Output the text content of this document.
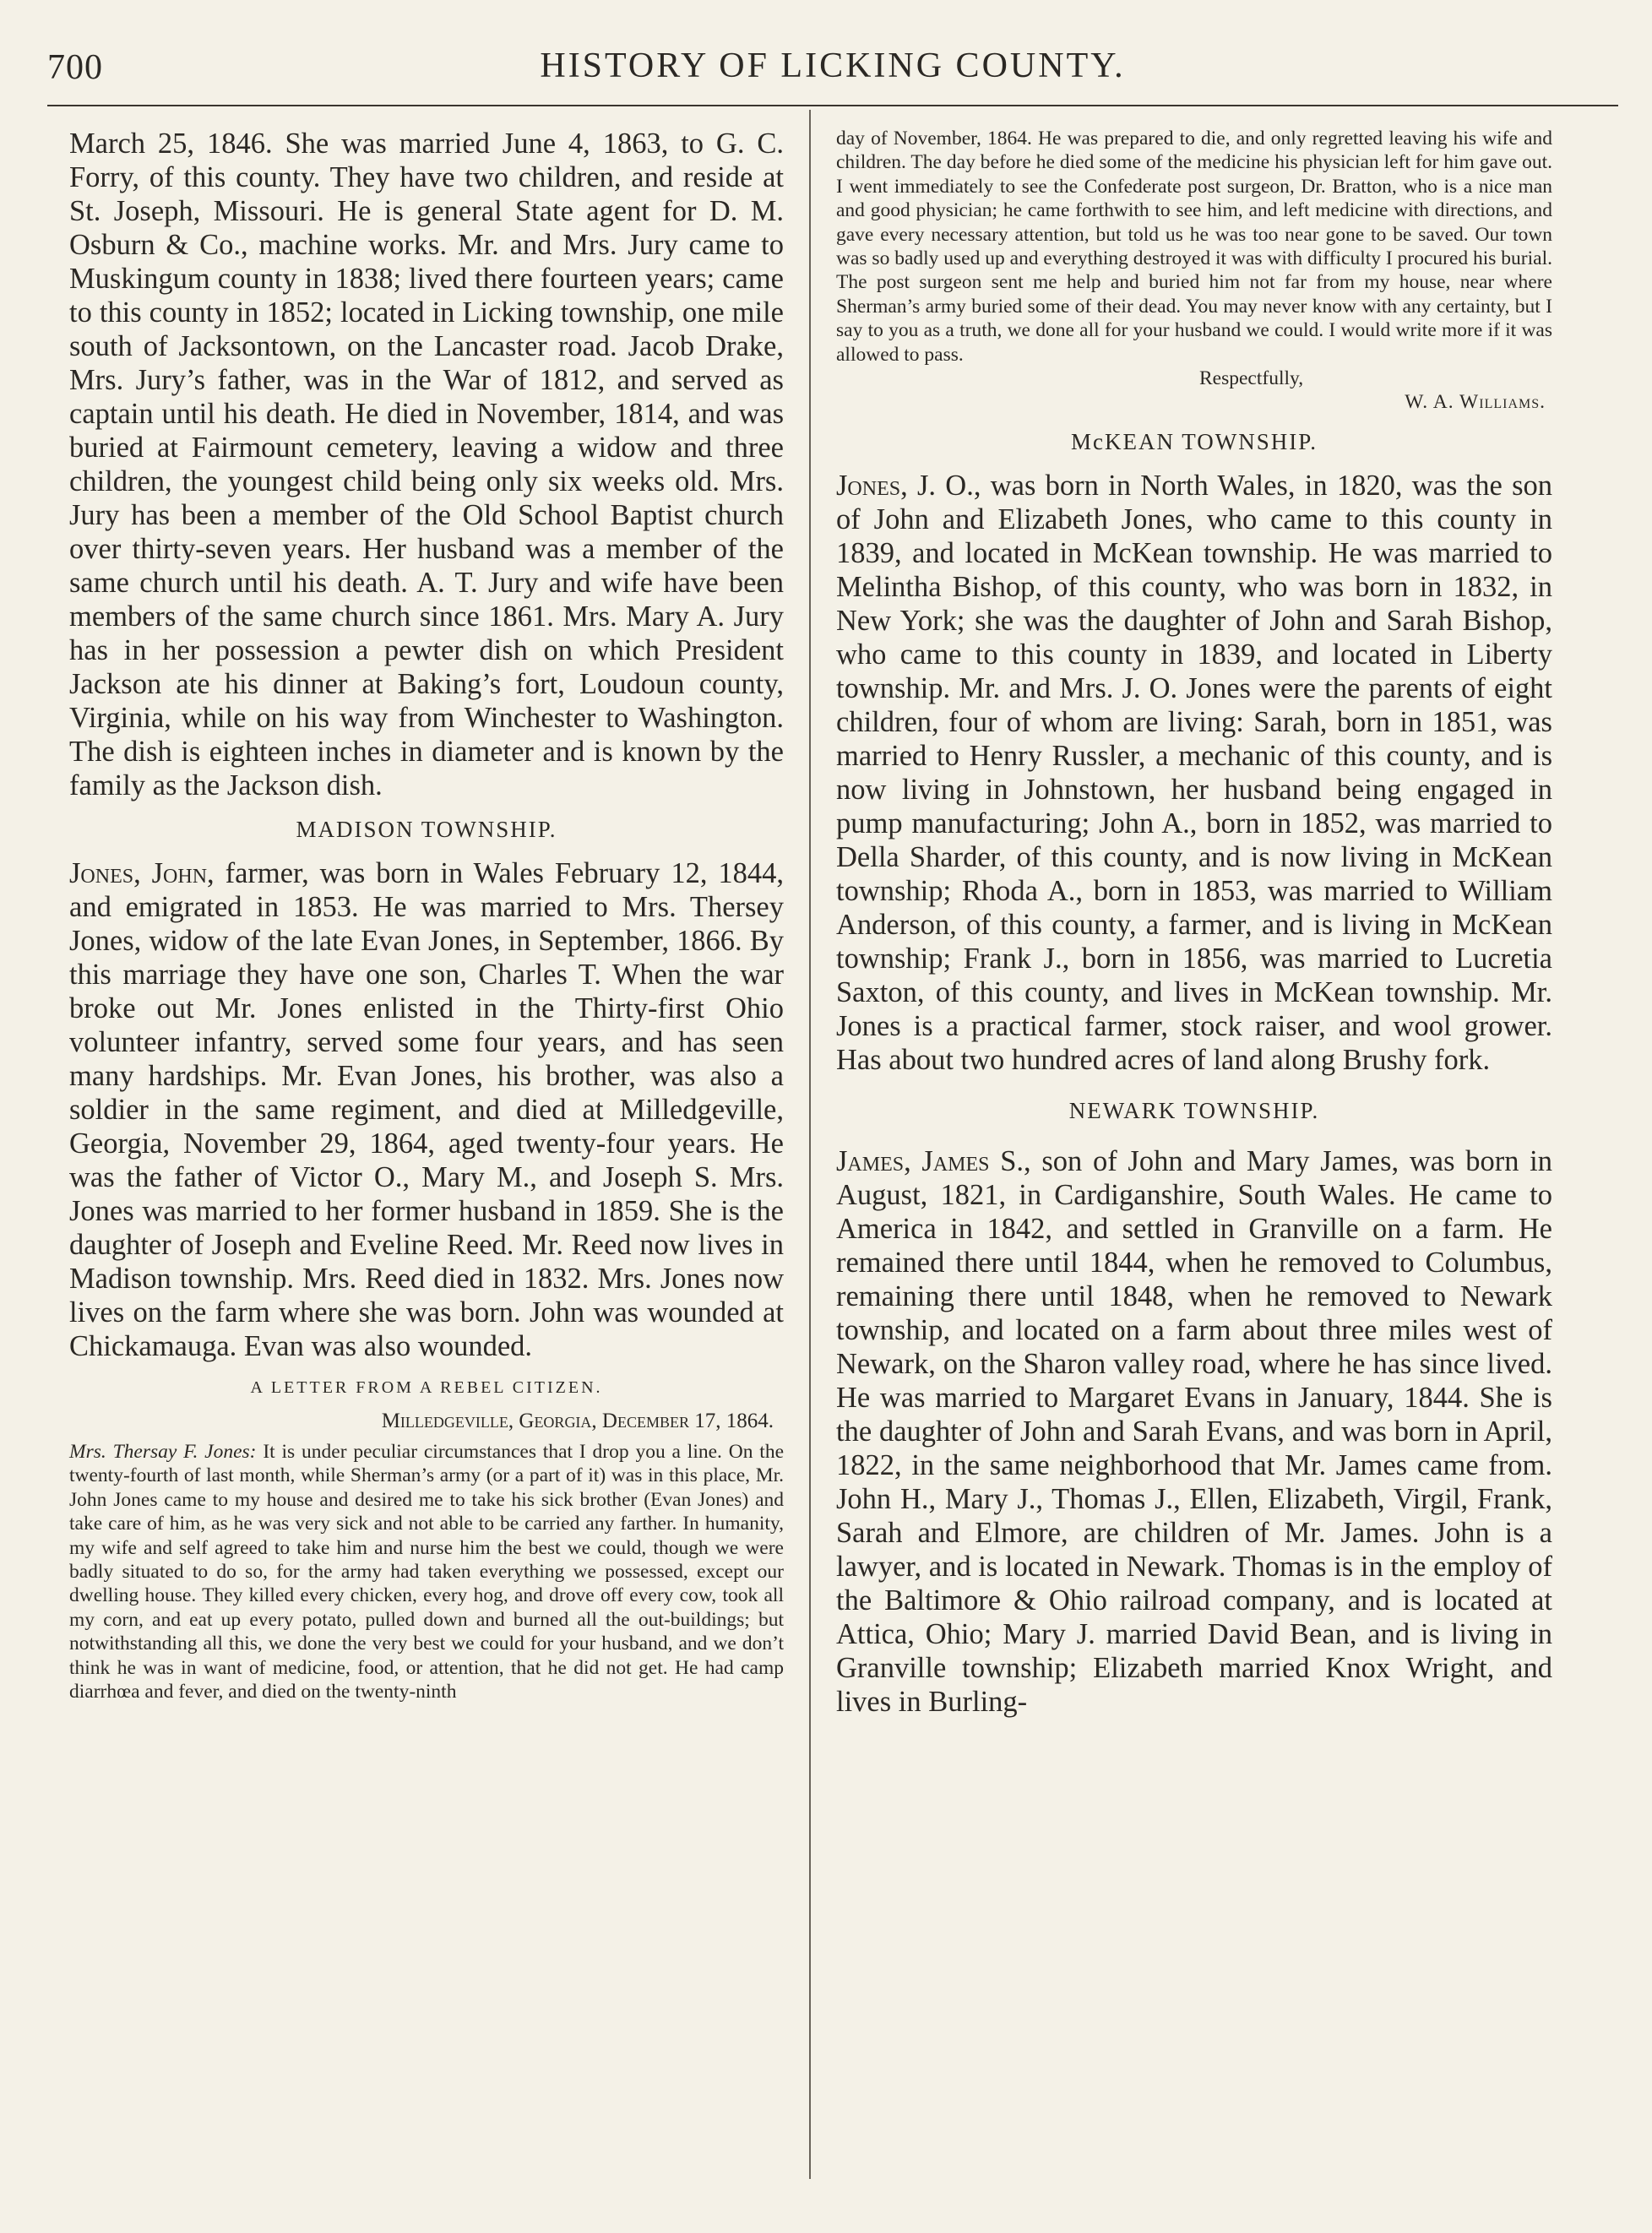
700	HISTORY OF LICKING COUNTY.

March 25, 1846. She was married June 4, 1863, to G. C. Forry, of this county. They have two children, and reside at St. Joseph, Missouri. He is general State agent for D. M. Osburn & Co., machine works. Mr. and Mrs. Jury came to Muskingum county in 1838; lived there fourteen years; came to this county in 1852; located in Licking township, one mile south of Jacksontown, on the Lancaster road. Jacob Drake, Mrs. Jury’s father, was in the War of 1812, and served as captain until his death. He died in November, 1814, and was buried at Fairmount cemetery, leaving a widow and three children, the youngest child being only six weeks old. Mrs. Jury has been a member of the Old School Baptist church over thirty-seven years. Her husband was a member of the same church until his death. A. T. Jury and wife have been members of the same church since 1861. Mrs. Mary A. Jury has in her possession a pewter dish on which President Jackson ate his dinner at Baking’s fort, Loudoun county, Virginia, while on his way from Winchester to Washington. The dish is eighteen inches in diameter and is known by the family as the Jackson dish.

MADISON TOWNSHIP.

Jones, John, farmer, was born in Wales February 12, 1844, and emigrated in 1853. He was married to Mrs. Thersey Jones, widow of the late Evan Jones, in September, 1866. By this marriage they have one son, Charles T. When the war broke out Mr. Jones enlisted in the Thirty-first Ohio volunteer infantry, served some four years, and has seen many hardships. Mr. Evan Jones, his brother, was also a soldier in the same regiment, and died at Milledgeville, Georgia, November 29, 1864, aged twenty-four years. He was the father of Victor O., Mary M., and Joseph S. Mrs. Jones was married to her former husband in 1859. She is the daughter of Joseph and Eveline Reed. Mr. Reed now lives in Madison township. Mrs. Reed died in 1832. Mrs. Jones now lives on the farm where she was born. John was wounded at Chickamauga. Evan was also wounded.

A LETTER FROM A REBEL CITIZEN.
Milledgeville, Georgia, December 17, 1864.

Mrs. Thersay F. Jones: It is under peculiar circumstances that I drop you a line. On the twenty-fourth of last month, while Sherman’s army (or a part of it) was in this place, Mr. John Jones came to my house and desired me to take his sick brother (Evan Jones) and take care of him, as he was very sick and not able to be carried any farther. In humanity, my wife and self agreed to take him and nurse him the best we could, though we were badly situated to do so, for the army had taken everything we possessed, except our dwelling house. They killed every chicken, every hog, and drove off every cow, took all my corn, and eat up every potato, pulled down and burned all the out-buildings; but notwithstanding all this, we done the very best we could for your husband, and we don’t think he was in want of medicine, food, or attention, that he did not get. He had camp diarrhœa and fever, and died on the twenty-ninth

day of November, 1864. He was prepared to die, and only regretted leaving his wife and children. The day before he died some of the medicine his physician left for him gave out. I went immediately to see the Confederate post surgeon, Dr. Bratton, who is a nice man and good physician; he came forthwith to see him, and left medicine with directions, and gave every necessary attention, but told us he was too near gone to be saved. Our town was so badly used up and everything destroyed it was with difficulty I procured his burial. The post surgeon sent me help and buried him not far from my house, near where Sherman’s army buried some of their dead. You may never know with any certainty, but I say to you as a truth, we done all for your husband we could. I would write more if it was allowed to pass.

Respectfully,

W. A. Williams.

McKEAN TOWNSHIP.

Jones, J. O., was born in North Wales, in 1820, was the son of John and Elizabeth Jones, who came to this county in 1839, and located in McKean township. He was married to Melintha Bishop, of this county, who was born in 1832, in New York; she was the daughter of John and Sarah Bishop, who came to this county in 1839, and located in Liberty township. Mr. and Mrs. J. O. Jones were the parents of eight children, four of whom are living: Sarah, born in 1851, was married to Henry Russler, a mechanic of this county, and is now living in Johnstown, her husband being engaged in pump manufacturing; John A., born in 1852, was married to Della Sharder, of this county, and is now living in McKean township; Rhoda A., born in 1853, was married to William Anderson, of this county, a farmer, and is living in McKean township; Frank J., born in 1856, was married to Lucretia Saxton, of this county, and lives in McKean township. Mr. Jones is a practical farmer, stock raiser, and wool grower. Has about two hundred acres of land along Brushy fork.

NEWARK TOWNSHIP.

James, James S., son of John and Mary James, was born in August, 1821, in Cardiganshire, South Wales. He came to America in 1842, and settled in Granville on a farm. He remained there until 1844, when he removed to Columbus, remaining there until 1848, when he removed to Newark township, and located on a farm about three miles west of Newark, on the Sharon valley road, where he has since lived. He was married to Margaret Evans in January, 1844. She is the daughter of John and Sarah Evans, and was born in April, 1822, in the same neighborhood that Mr. James came from. John H., Mary J., Thomas J., Ellen, Elizabeth, Virgil, Frank, Sarah and Elmore, are children of Mr. James. John is a lawyer, and is located in Newark. Thomas is in the employ of the Baltimore & Ohio railroad company, and is located at Attica, Ohio; Mary J. married David Bean, and is living in Granville township; Elizabeth married Knox Wright, and lives in Burling-
